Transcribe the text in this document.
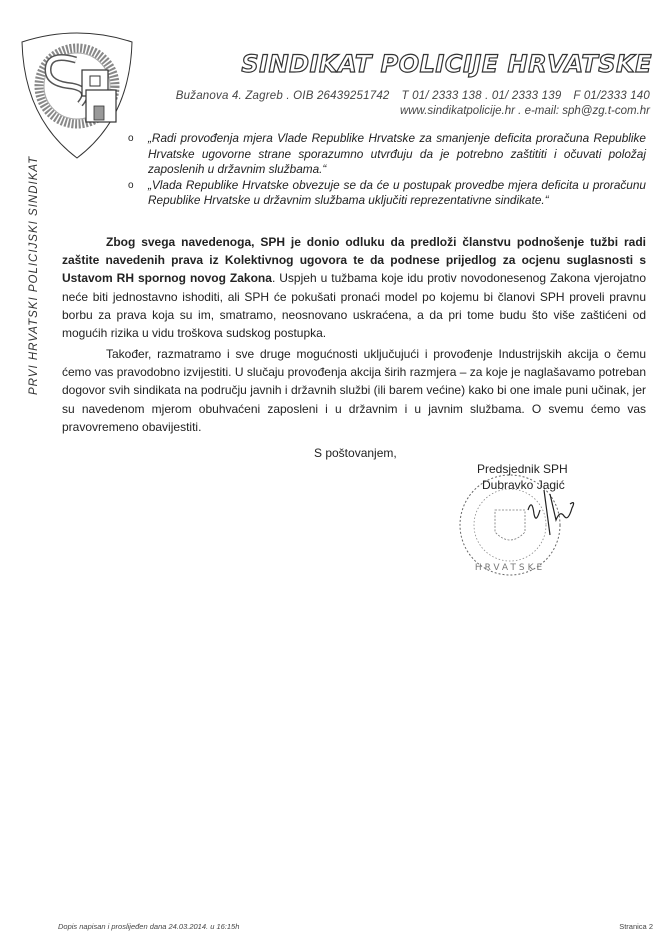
SINDIKAT POLICIJE HRVATSKE
Bužanova 4. Zagreb . OIB 26439251742 T 01/ 2333 138 . 01/ 2333 139 F 01/2333 140
www.sindikatpolicije.hr . e-mail: sph@zg.t-com.hr
PRVI HRVATSKI POLICIJSKI SINDIKAT
o „Radi provođenja mjera Vlade Republike Hrvatske za smanjenje deficita proračuna Republike Hrvatske ugovorne strane sporazumno utvrđuju da je potrebno zaštititi i očuvati položaj zaposlenih u državnim službama.“
o „Vlada Republike Hrvatske obvezuje se da će u postupak provedbe mjera deficita u proračunu Republike Hrvatske u državnim službama uključiti reprezentativne sindikate.“

Zbog svega navedenoga, SPH je donio odluku da predloži članstvu podnošenje tužbi radi zaštite navedenih prava iz Kolektivnog ugovora te da podnese prijedlog za ocjenu suglasnosti s Ustavom RH spornog novog Zakona. Uspjeh u tužbama koje idu protiv novodonesenog Zakona vjerojatno neće biti jednostavno ishoditi, ali SPH će pokušati pronaći model po kojemu bi članovi SPH proveli pravnu borbu za prava koja su im, smatramo, neosnovano uskraćena, a da pri tome budu što više zaštićeni od mogućih rizika u vidu troškova sudskog postupka.

Također, razmatramo i sve druge mogućnosti uključujući i provođenje Industrijskih akcija o čemu ćemo vas pravodobno izvijestiti. U slučaju provođenja akcija širih razmjera – za koje je naglašavamo potreban dogovor svih sindikata na području javnih i državnih službi (ili barem većine) kako bi one imale puni učinak, jer su navedenom mjerom obuhvaćeni zaposleni i u državnim i u javnim službama. O svemu ćemo vas pravovremeno obavijestiti.

S poštovanjem,
HRVATSKE
Predsjednik SPH
Dubravko Jagić
Dopis napisan i proslijeđen dana 24.03.2014. u 16:15h	Stranica 2
